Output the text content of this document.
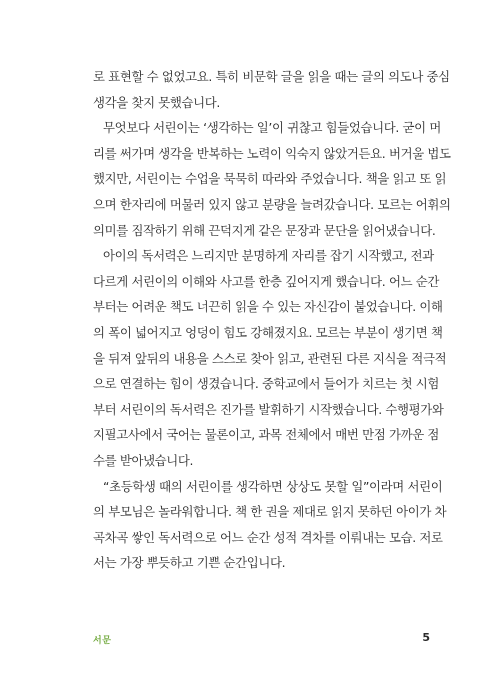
로 표현할 수 없었고요. 특히 비문학 글을 읽을 때는 글의 의도나 중심
생각을 찾지 못했습니다.

무엇보다 서린이는 ‘생각하는 일’이 귀찮고 힘들었습니다. 굳이 머
리를 써가며 생각을 반복하는 노력이 익숙지 않았거든요. 버거울 법도
했지만, 서린이는 수업을 묵묵히 따라와 주었습니다. 책을 읽고 또 읽
으며 한자리에 머물러 있지 않고 분량을 늘려갔습니다. 모르는 어휘의
의미를 짐작하기 위해 끈덕지게 같은 문장과 문단을 읽어냈습니다.

아이의 독서력은 느리지만 분명하게 자리를 잡기 시작했고, 전과
다르게 서린이의 이해와 사고를 한층 깊어지게 했습니다. 어느 순간
부터는 어려운 책도 너끈히 읽을 수 있는 자신감이 붙었습니다. 이해
의 폭이 넓어지고 엉덩이 힘도 강해졌지요. 모르는 부분이 생기면 책
을 뒤져 앞뒤의 내용을 스스로 찾아 읽고, 관련된 다른 지식을 적극적
으로 연결하는 힘이 생겼습니다. 중학교에서 들어가 치르는 첫 시험
부터 서린이의 독서력은 진가를 발휘하기 시작했습니다. 수행평가와
지필고사에서 국어는 물론이고, 과목 전체에서 매번 만점 가까운 점
수를 받아냈습니다.

“초등학생 때의 서린이를 생각하면 상상도 못할 일”이라며 서린이
의 부모님은 놀라워합니다. 책 한 권을 제대로 읽지 못하던 아이가 차
곡차곡 쌓인 독서력으로 어느 순간 성적 격차를 이뤄내는 모습. 저로
서는 가장 뿌듯하고 기쁜 순간입니다.

서문	5
